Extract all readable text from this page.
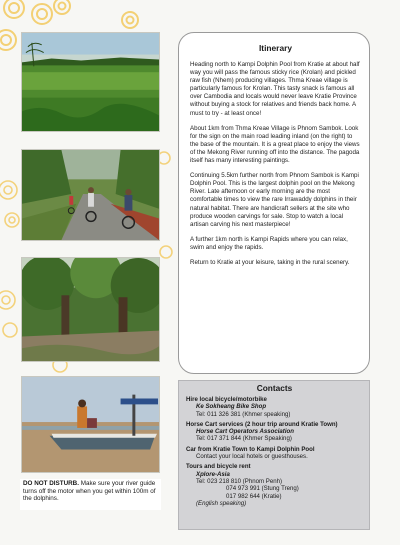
DO NOT DISTURB. Make sure your river guide turns off the motor when you get within 100m of the dolphins.
Itinerary

Heading north to Kampi Dolphin Pool from Kratie at about half way you will pass the famous sticky rice (Krolan) and pickled raw fish (Nhem) producing villages. Thma Kreae village is particularly famous for Krolan. This tasty snack is famous all over Cambodia and locals would never leave Kratie Province without buying a stock for relatives and friends back home. A must to try - at least once!

About 1km from Thma Kreae Village is Phnom Sambok. Look for the sign on the main road leading inland (on the right) to the base of the mountain. It is a great place to enjoy the views of the Mekong River running off into the distance. The pagoda itself has many interesting paintings.

Continuing 5.5km further north from Phnom Sambok is Kampi Dolphin Pool. This is the largest dolphin pool on the Mekong River. Late afternoon or early morning are the most comfortable times to view the rare Irrawaddy dolphins in their natural habitat. There are handicraft sellers at the site who produce wooden carvings for sale. Stop to watch a local artisan carving his next masterpiece!

A further 1km north is Kampi Rapids where you can relax, swim and enjoy the rapids.

Return to Kratie at your leisure, taking in the rural scenery.

Contacts
Hire local bicycle/motorbike
Ke Sokheang Bike Shop
Tel: 011 326 381 (Khmer speaking)
Horse Cart services (2 hour trip around Kratie Town)
Horse Cart Operators Association
Tel: 017 371 844 (Khmer Speaking)
Car from Kratie Town to Kampi Dolphin Pool
Contact your local hotels or guesthouses.
Tours and bicycle rent
Xplore-Asia
Tel: 023 218 810 (Phnom Penh)
074 973 991 (Stung Treng)
017 982 644 (Kratie)
(English speaking)
